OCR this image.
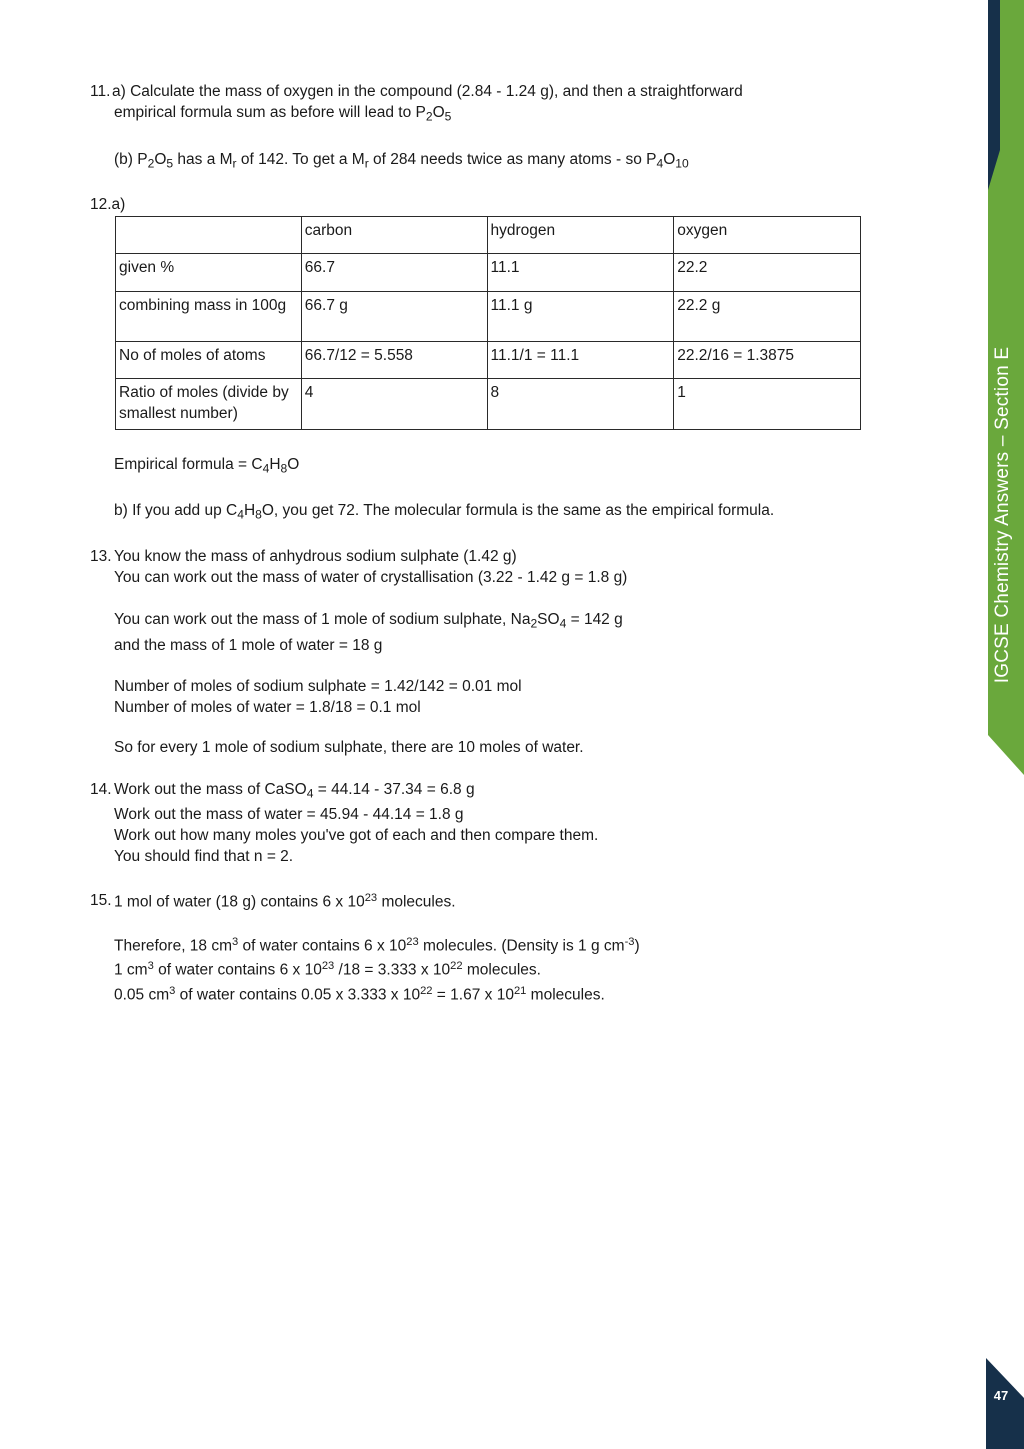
IGCSE Chemistry Answers – Section E
47
11. a) Calculate the mass of oxygen in the compound (2.84 - 1.24 g), and then a straightforward
empirical formula sum as before will lead to $P_2O_5$
(b) $P_2O_5$ has a $M_r$ of 142. To get a $M_r$ of 284 needs twice as many atoms - so $P_4O_{10}$
12.a)
	carbon	hydrogen	oxygen
given %	66.7	11.1	22.2
combining mass in 100g	66.7 g	11.1 g	22.2 g
No of moles of atoms	66.7/12 = 5.558	11.1/1 = 11.1	22.2/16 = 1.3875
Ratio of moles (divide by smallest number)	4	8	1
Empirical formula = $C_4H_8O$
b) If you add up $C_4H_8O$, you get 72. The molecular formula is the same as the empirical formula.
13. You know the mass of anhydrous sodium sulphate (1.42 g)
You can work out the mass of water of crystallisation (3.22 - 1.42 g = 1.8 g)
You can work out the mass of 1 mole of sodium sulphate, $Na_2SO_4 = 142$ g
and the mass of 1 mole of water = 18 g
Number of moles of sodium sulphate = 1.42/142 = 0.01 mol
Number of moles of water = 1.8/18 = 0.1 mol
So for every 1 mole of sodium sulphate, there are 10 moles of water.
14. Work out the mass of CaSO$_4$ = 44.14 - 37.34 = 6.8 g
Work out the mass of water = 45.94 - 44.14 = 1.8 g
Work out how many moles you've got of each and then compare them.
You should find that n = 2.
15. 1 mol of water (18 g) contains 6 x $10^{23}$ molecules.
Therefore, 18 $cm^3$ of water contains 6 x $10^{23}$ molecules. (Density is 1 g $cm^{-3}$)
1 $cm^3$ of water contains 6 x $10^{23}$ /18 = 3.333 x $10^{22}$ molecules.
0.05 $cm^3$ of water contains 0.05 x 3.333 x $10^{22} = 1.67$ x $10^{21}$ molecules.
